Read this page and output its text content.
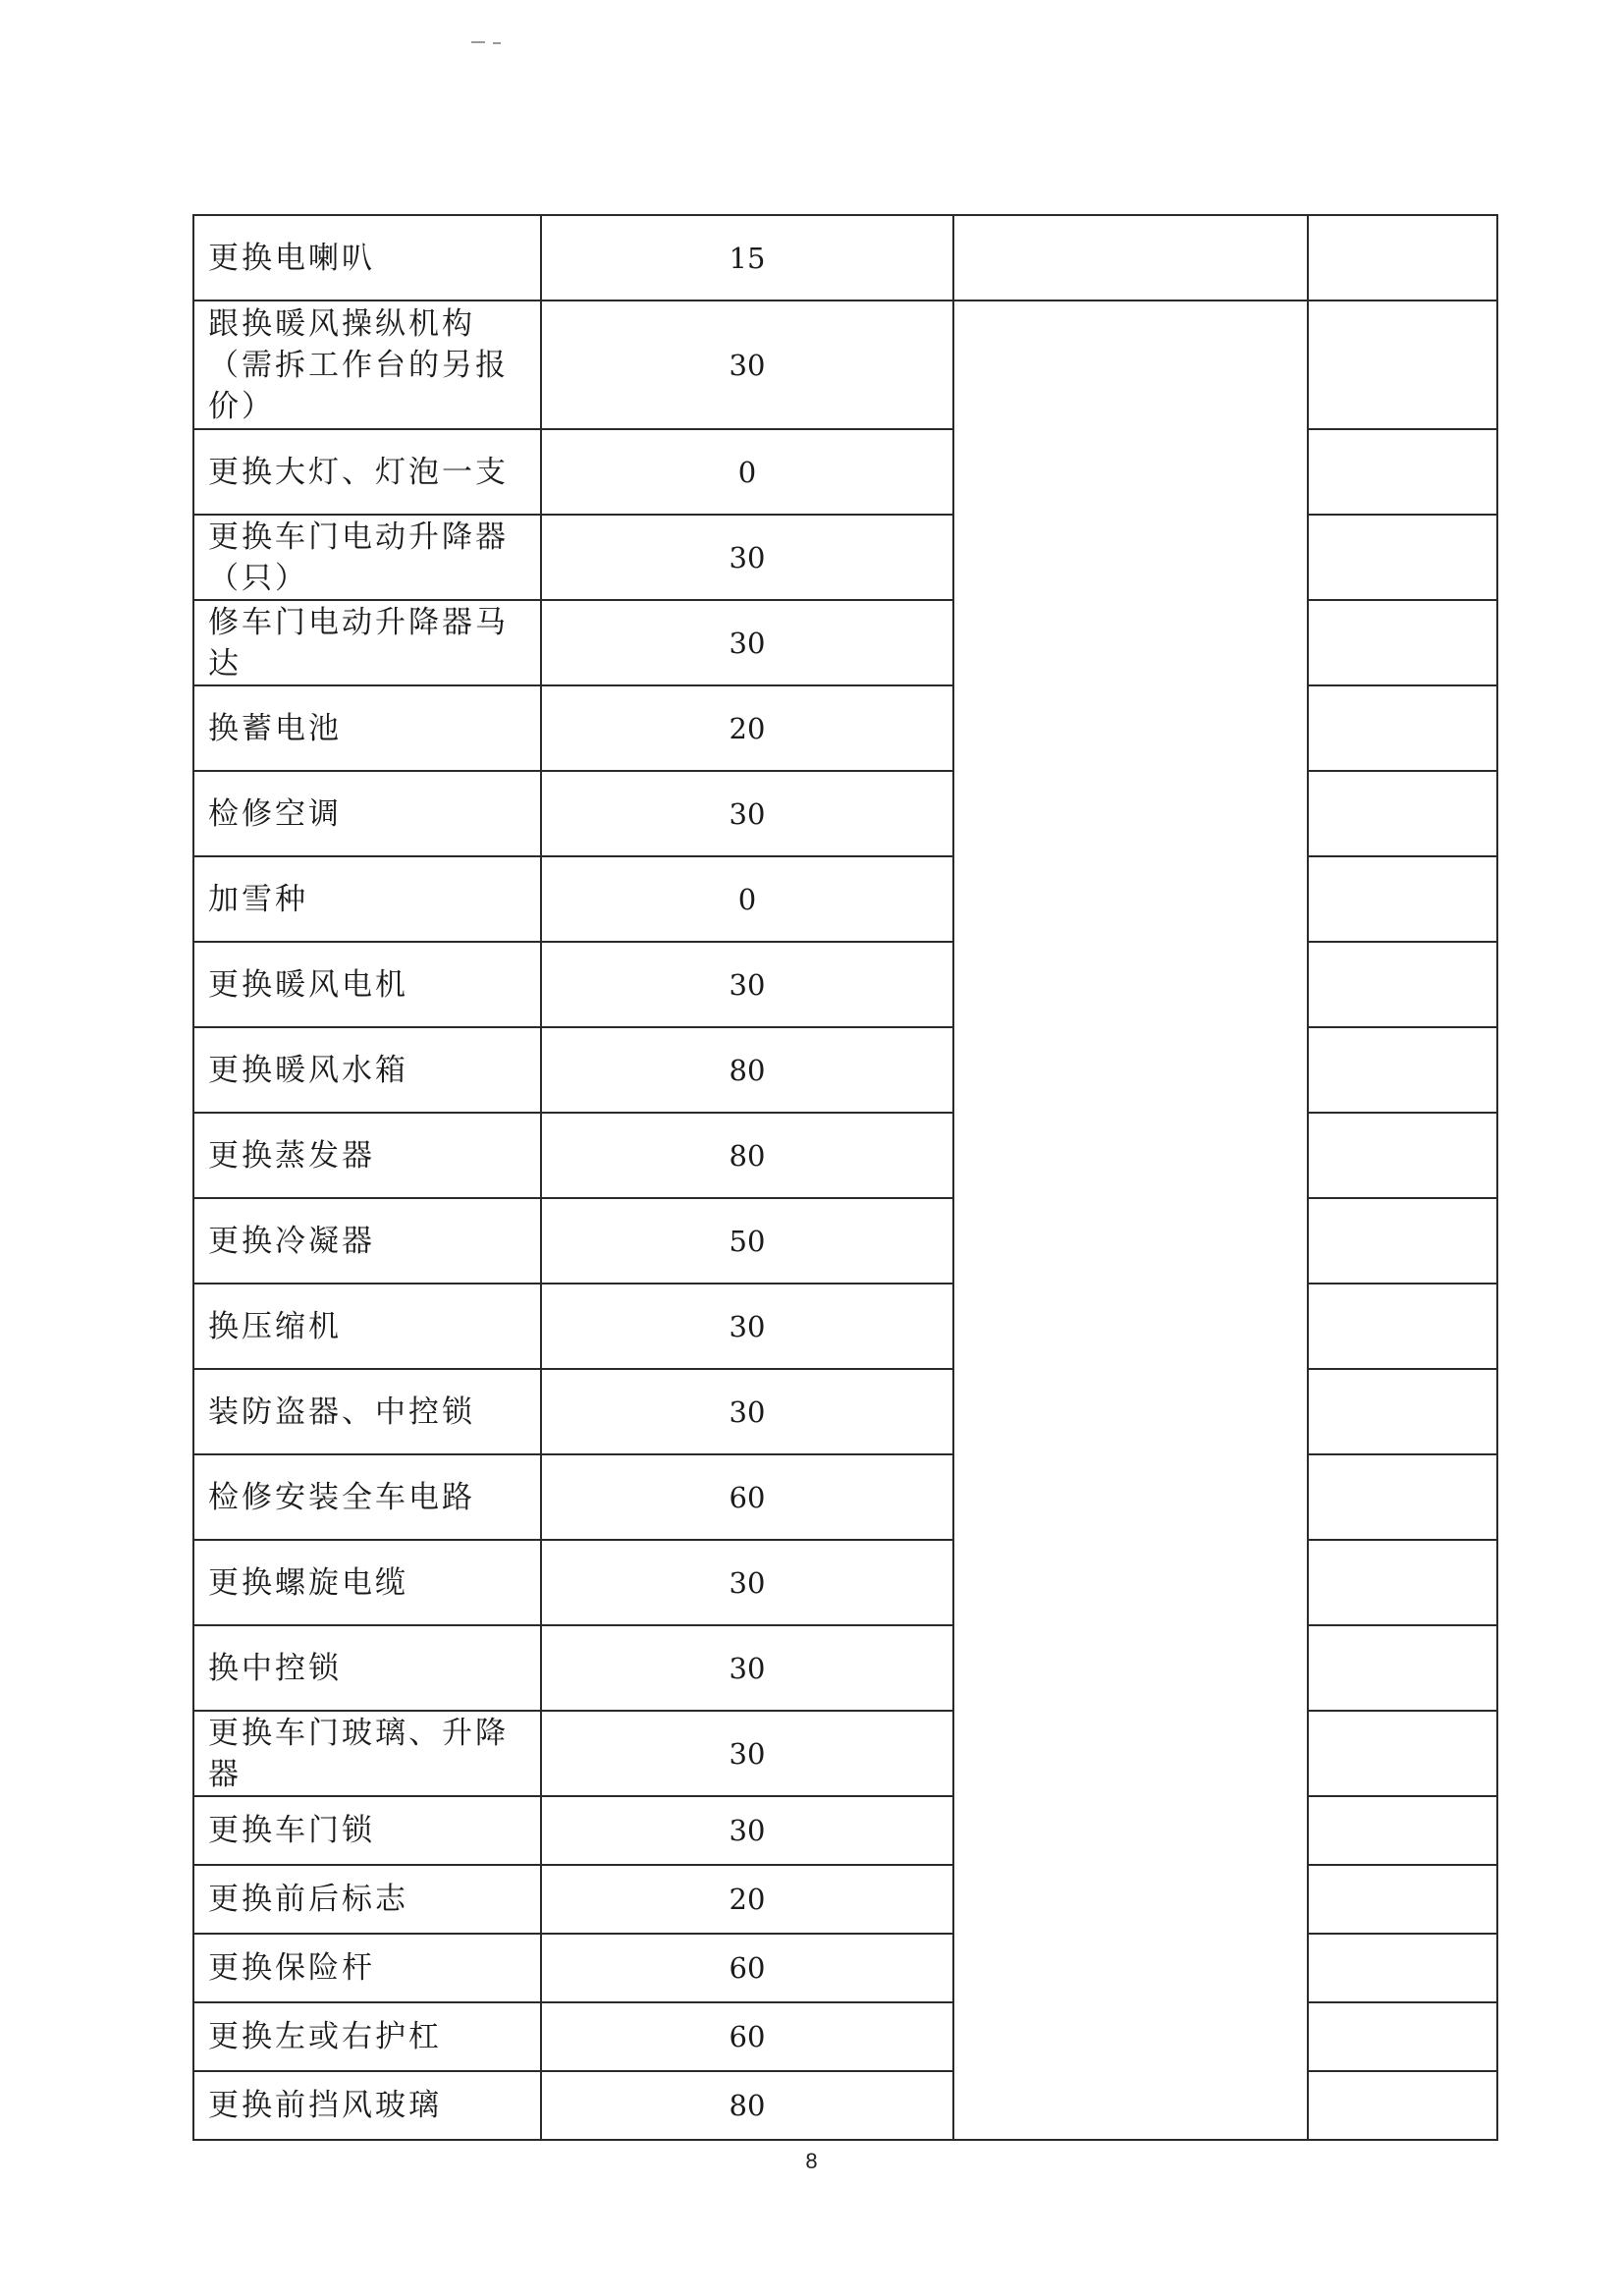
更换电喇叭	15		
跟换暖风操纵机构（需拆工作台的另报价）	30		
更换大灯、灯泡一支	0		
更换车门电动升降器（只）	30		
修车门电动升降器马达	30		
换蓄电池	20		
检修空调	30		
加雪种	0		
更换暖风电机	30		
更换暖风水箱	80		
更换蒸发器	80		
更换冷凝器	50		
换压缩机	30		
装防盗器、中控锁	30		
检修安装全车电路	60		
更换螺旋电缆	30		
换中控锁	30		
更换车门玻璃、升降器	30		
更换车门锁	30		
更换前后标志	20		
更换保险杆	60		
更换左或右护杠	60		
更换前挡风玻璃	80		
8
